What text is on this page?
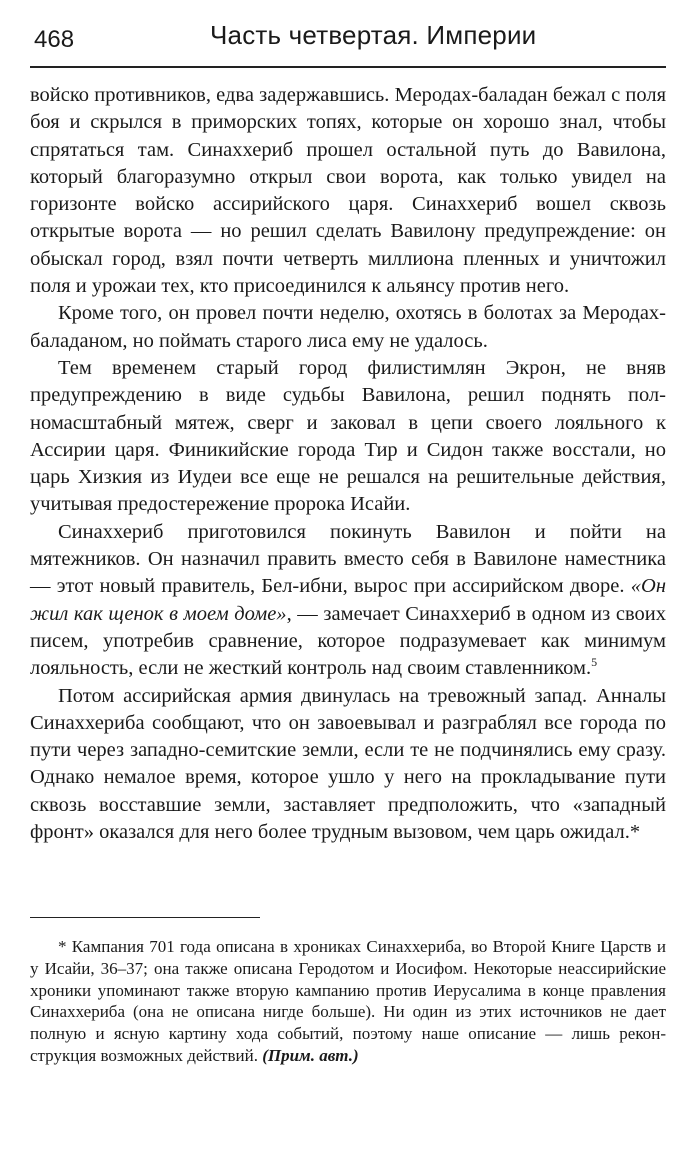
468	Часть четвертая. Империи

войско противников, едва задержавшись. Меродах-баладан бежал с поля боя и скрылся в приморских топях, которые он хорошо знал, чтобы спрятаться там. Синаххериб прошел остальной путь до Вавилона, который благоразумно открыл свои ворота, как только увидел на горизонте войско ассирийского царя. Синаххериб вошел сквозь открытые ворота — но решил сделать Вавилону предупреждение: он обыскал город, взял почти четверть миллиона пленных и уничтожил поля и урожаи тех, кто присоединился к альянсу против него.

Кроме того, он провел почти неделю, охотясь в болотах за Меродах-баладаном, но поймать старого лиса ему не удалось.

Тем временем старый город филистимлян Экрон, не вняв предупреждению в виде судьбы Вавилона, решил поднять полномасштабный мятеж, сверг и заковал в цепи своего лояльного к Ассирии царя. Финикийские города Тир и Сидон также восстали, но царь Хизкия из Иудеи все еще не решался на решительные действия, учитывая предостережение пророка Исайи.

Синаххериб приготовился покинуть Вавилон и пойти на мятежников. Он назначил править вместо себя в Вавилоне наместника — этот новый правитель, Бел-ибни, вырос при ассирийском дворе. «Он жил как щенок в моем доме», — замечает Синаххериб в одном из своих писем, употребив сравнение, которое подразумевает как минимум лояльность, если не жесткий контроль над своим ставленником.$^5$

Потом ассирийская армия двинулась на тревожный запад. Анналы Синаххериба сообщают, что он завоевывал и разграблял все города по пути через западно-семитские земли, если те не подчинялись ему сразу. Однако немалое время, которое ушло у него на прокладывание пути сквозь восставшие земли, заставляет предположить, что «западный фронт» оказался для него более трудным вызовом, чем царь ожидал.*

* Кампания 701 года описана в хрониках Синаххериба, во Второй Книге Царств и у Исайи, 36–37; она также описана Геродотом и Иосифом. Некоторые неассирийские хроники упоминают также вторую кампанию против Иерусалима в конце правления Синаххериба (она не описана нигде больше). Ни один из этих источников не дает полную и ясную картину хода событий, поэтому наше описание — лишь реконструкция возможных действий. (Прим. авт.)
